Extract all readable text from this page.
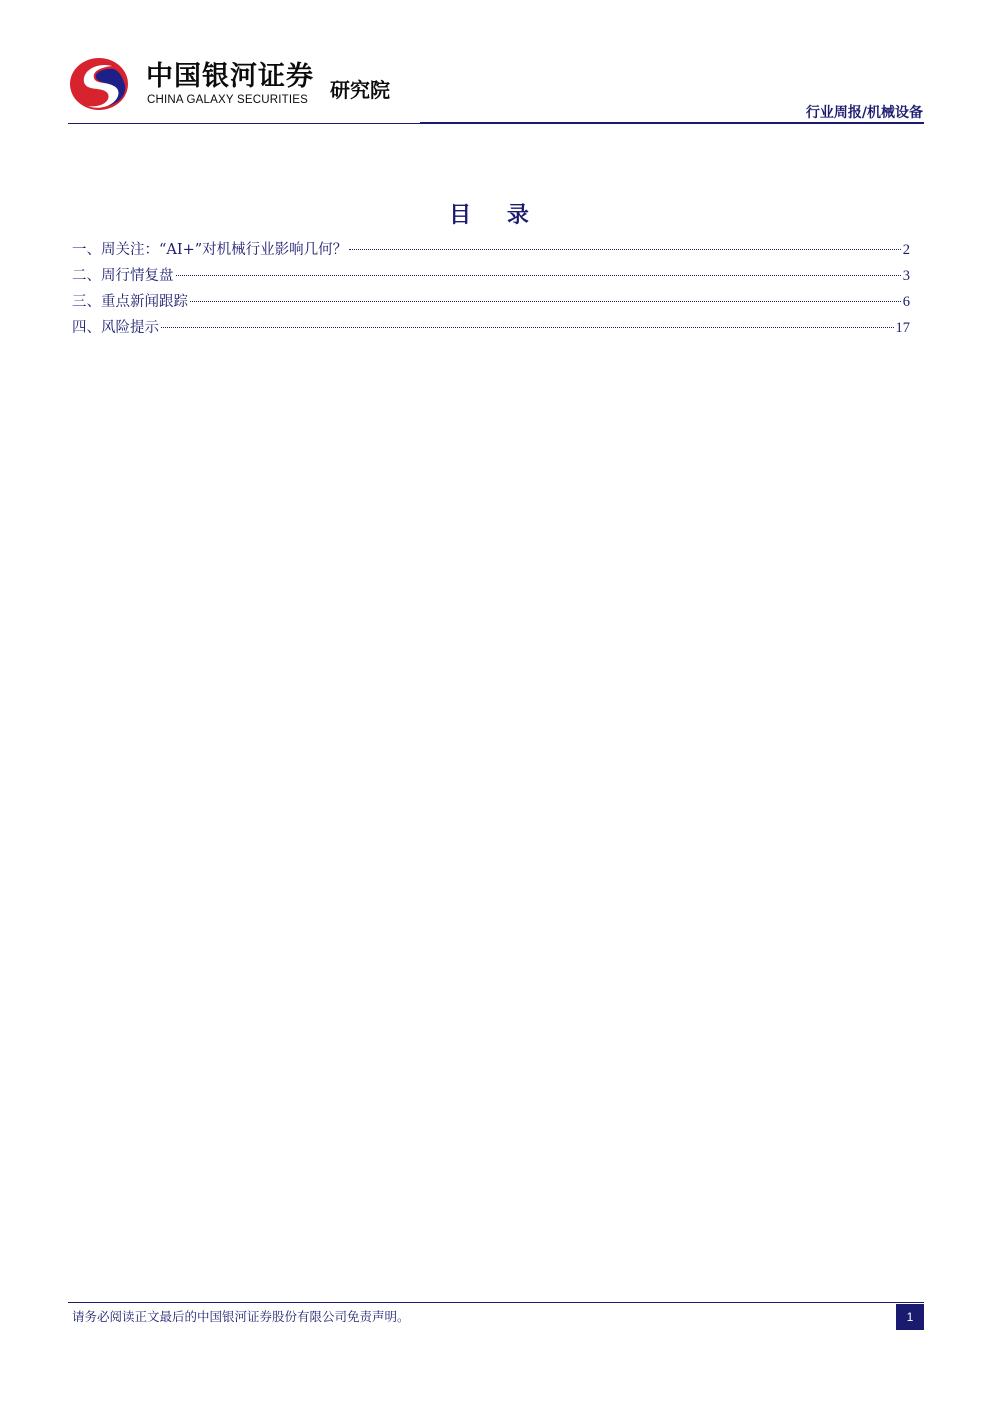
中国银河证券
CHINA GALAXY SECURITIES 研究院
行业周报/机械设备
目 录
一、周关注：“AI+”对机械行业影响几何？	2
二、周行情复盘	3
三、重点新闻跟踪	6
四、风险提示	17
请务必阅读正文最后的中国银河证券股份有限公司免责声明。	1
